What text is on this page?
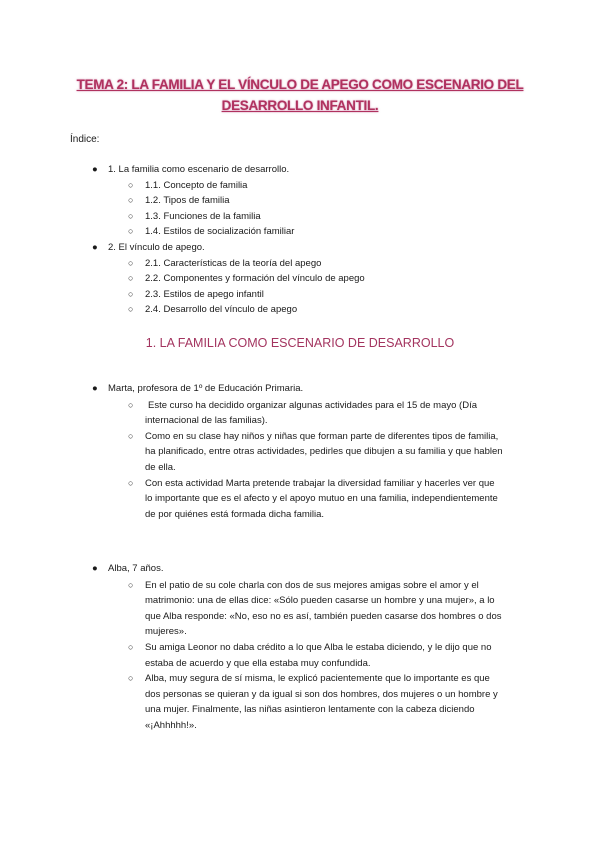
TEMA 2: LA FAMILIA Y EL VÍNCULO DE APEGO COMO ESCENARIO DEL
DESARROLLO INFANTIL.
Índice:
● 1. La familia como escenario de desarrollo.
○ 1.1. Concepto de familia
○ 1.2. Tipos de familia
○ 1.3. Funciones de la familia
○ 1.4. Estilos de socialización familiar
● 2. El vínculo de apego.
○ 2.1. Características de la teoría del apego
○ 2.2. Componentes y formación del vínculo de apego
○ 2.3. Estilos de apego infantil
○ 2.4. Desarrollo del vínculo de apego
1. LA FAMILIA COMO ESCENARIO DE DESARROLLO
● Marta, profesora de 1º de Educación Primaria.
○	Este curso ha decidido organizar algunas actividades para el 15 de mayo (Día
internacional de las familias).
○ Como en su clase hay niños y niñas que forman parte de diferentes tipos de familia,
ha planificado, entre otras actividades, pedirles que dibujen a su familia y que hablen
de ella.
○ Con esta actividad Marta pretende trabajar la diversidad familiar y hacerles ver que
lo importante que es el afecto y el apoyo mutuo en una familia, independientemente
de por quiénes está formada dicha familia.
● Alba, 7 años.
○ En el patio de su cole charla con dos de sus mejores amigas sobre el amor y el
matrimonio: una de ellas dice: «Sólo pueden casarse un hombre y una mujer», a lo
que Alba responde: «No, eso no es así, también pueden casarse dos hombres o dos
mujeres».
○ Su amiga Leonor no daba crédito a lo que Alba le estaba diciendo, y le dijo que no
estaba de acuerdo y que ella estaba muy confundida.
○ Alba, muy segura de sí misma, le explicó pacientemente que lo importante es que
dos personas se quieran y da igual si son dos hombres, dos mujeres o un hombre y
una mujer. Finalmente, las niñas asintieron lentamente con la cabeza diciendo
«¡Ahhhhh!».
